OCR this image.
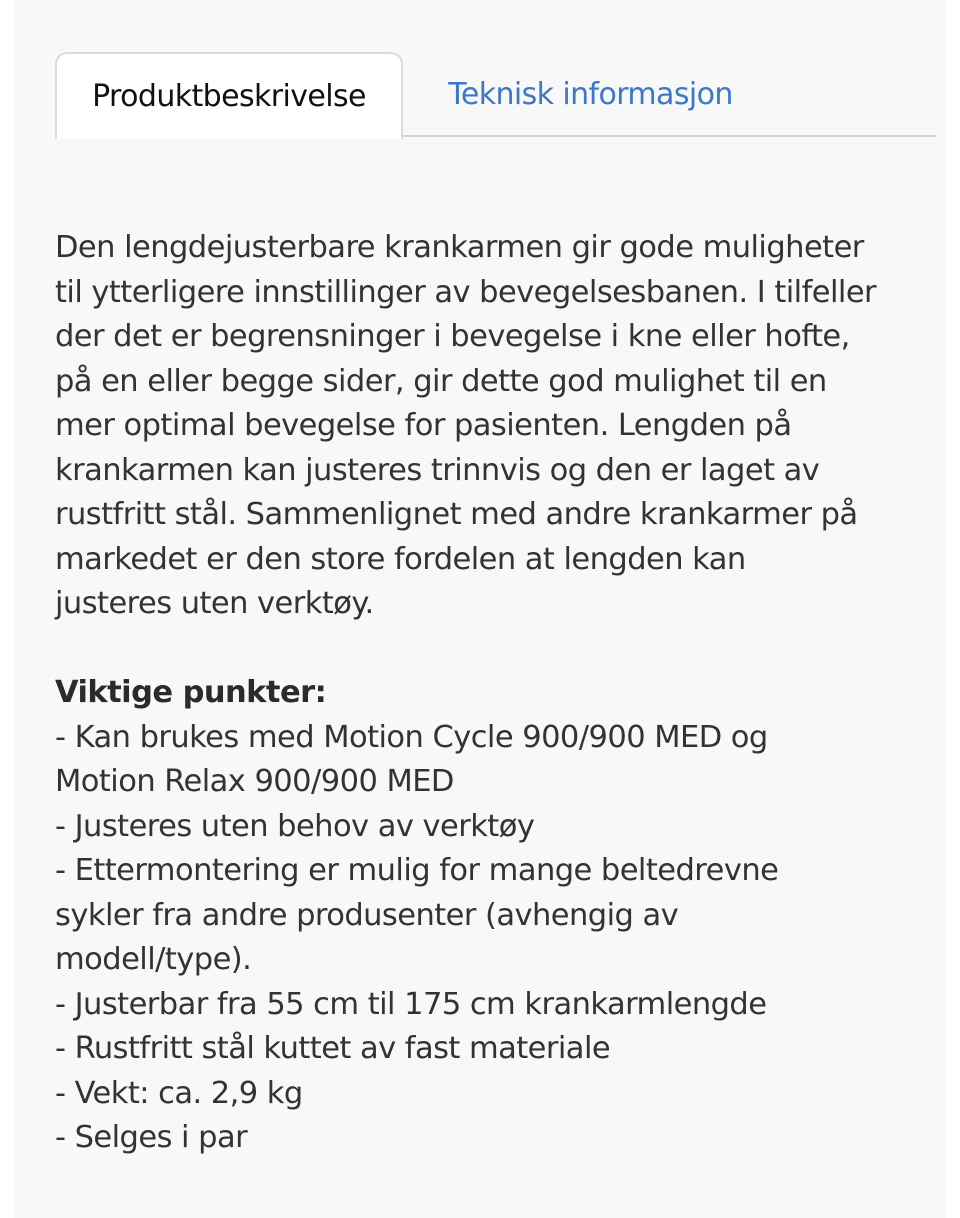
Produktbeskrivelse	Teknisk informasjon

Den lengdejusterbare krankarmen gir gode muligheter

til ytterligere innstillinger av bevegelsesbanen. I tilfeller

der det er begrensninger i bevegelse i kne eller hofte,

på en eller begge sider, gir dette god mulighet til en

mer optimal bevegelse for pasienten. Lengden på

krankarmen kan justeres trinnvis og den er laget av

rustfritt stål. Sammenlignet med andre krankarmer på

markedet er den store fordelen at lengden kan

justeres uten verktøy.

Viktige punkter:

- Kan brukes med Motion Cycle 900/900 MED og

Motion Relax 900/900 MED

- Justeres uten behov av verktøy

- Ettermontering er mulig for mange beltedrevne

sykler fra andre produsenter (avhengig av

modell/type).

- Justerbar fra 55 cm til 175 cm krankarmlengde

- Rustfritt stål kuttet av fast materiale

- Vekt: ca. 2,9 kg

- Selges i par
